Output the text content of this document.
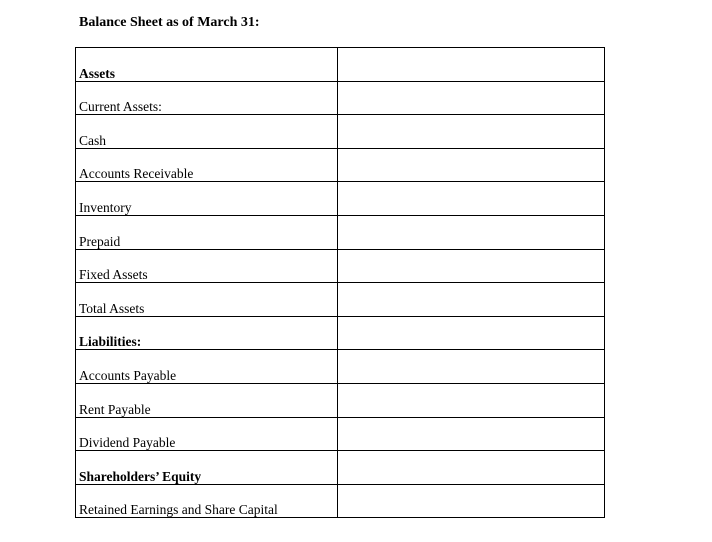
Balance Sheet as of March 31:
Assets	
Current Assets:	
Cash	
Accounts Receivable	
Inventory	
Prepaid	
Fixed Assets	
Total Assets	
Liabilities:	
Accounts Payable	
Rent Payable	
Dividend Payable	
Shareholders’ Equity	
Retained Earnings and Share Capital	
